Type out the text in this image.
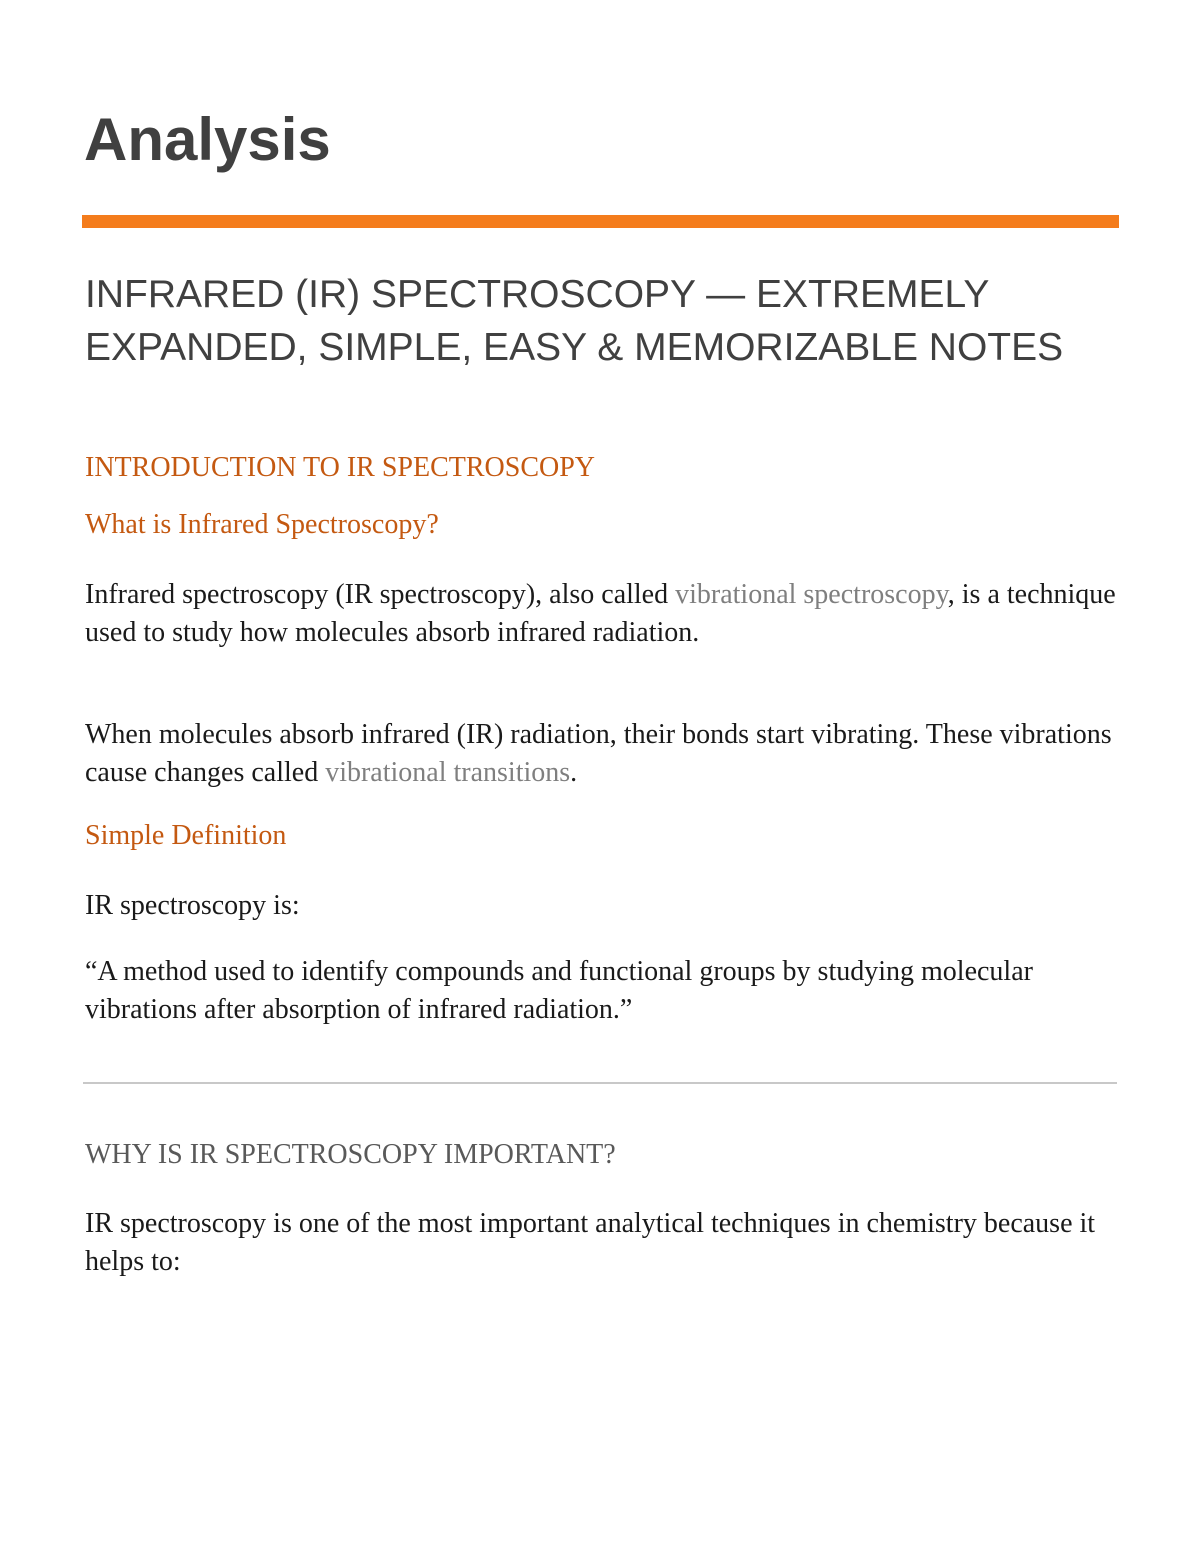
Analysis
INFRARED (IR) SPECTROSCOPY — EXTREMELY EXPANDED, SIMPLE, EASY & MEMORIZABLE NOTES
INTRODUCTION TO IR SPECTROSCOPY
What is Infrared Spectroscopy?

Infrared spectroscopy (IR spectroscopy), also called vibrational spectroscopy, is a technique used to study how molecules absorb infrared radiation.

When molecules absorb infrared (IR) radiation, their bonds start vibrating. These vibrations cause changes called vibrational transitions.

Simple Definition

IR spectroscopy is:

“A method used to identify compounds and functional groups by studying molecular vibrations after absorption of infrared radiation.”

WHY IS IR SPECTROSCOPY IMPORTANT?

IR spectroscopy is one of the most important analytical techniques in chemistry because it helps to:
